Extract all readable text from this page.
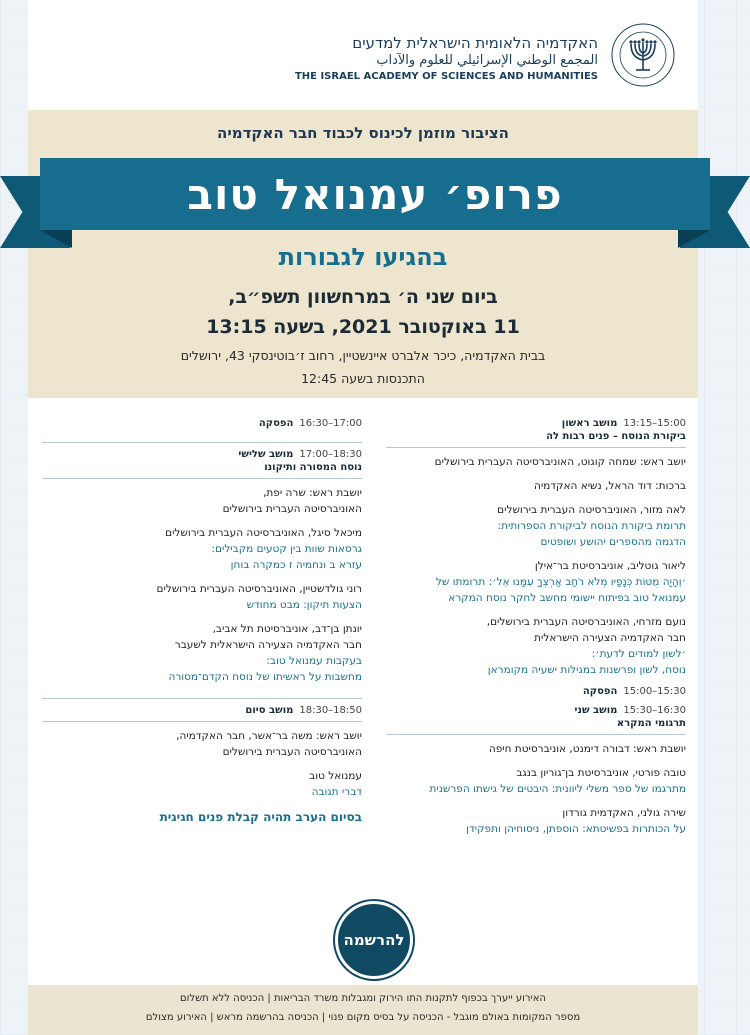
האקדמיה הלאומית הישראלית למדעים
المجمع الوطني الإسرائيلي للعلوم والآداب
THE ISRAEL ACADEMY OF SCIENCES AND HUMANITIES
הציבור מוזמן לכינוס לכבוד חבר האקדמיה
פרופ׳ עמנואל טוב
בהגיעו לגבורות
ביום שני ה׳ במרחשוון תשפ״ב,
11 באוקטובר 2021, בשעה 13:15
בבית האקדמיה, כיכר אלברט איינשטיין, רחוב ז׳בוטינסקי 43, ירושלים
התכנסות בשעה 12:45
13:15–15:00
מושב ראשון
ביקורת הנוסח – פנים רבות לה
יושב ראש: שמחה קוגוט, האוניברסיטה העברית בירושלים
ברכות: דוד הראל, נשיא האקדמיה
לאה מזור, האוניברסיטה העברית בירושלים
תרומת ביקורת הנוסח לביקורת הספרותית:
הדגמה מהספרים יהושע ושופטים
ליאור גוטליב, אוניברסיטת בר־אילן
׳וְהָיָה מֻטּוֹת כְּנָפָיו מְלֹא רֹחַב אַרְצְךָ עִמָּנוּ אֵל׳: תרומתו של
עמנואל טוב בפיתוח יישומי מחשב לחקר נוסח המקרא
נועם מזרחי, האוניברסיטה העברית בירושלים,
חבר האקדמיה הצעירה הישראלית
׳לשון למודים לדעת׳:
נוסח, לשון ופרשנות במגילות ישעיה מקומראן
15:00–15:30
הפסקה
15:30–16:30
מושב שני
תרגומי המקרא
יושבת ראש: דבורה דימנט, אוניברסיטת חיפה
טובה פורטי, אוניברסיטת בן־גוריון בנגב
מתרגמו של ספר משלי ליוונית: היבטים של גישתו הפרשנית
שירה גולני, האקדמית גורדון
על הכותרות בפשיטתא: הוספתן, ניסוחיהן ותפקידן
16:30–17:00
הפסקה
17:00–18:30
מושב שלישי
נוסח המסורה ותיקונו
יושבת ראש: שרה יפת,
האוניברסיטה העברית בירושלים
מיכאל סיגל, האוניברסיטה העברית בירושלים
גרסאות שוות בין קטעים מקבילים:
עזרא ב ונחמיה ז כמקרה בוחן
רוני גולדשטיין, האוניברסיטה העברית בירושלים
הצעות תיקון: מבט מחודש
יונתן בן־דב, אוניברסיטת תל אביב,
חבר האקדמיה הצעירה הישראלית לשעבר
בעקבות עמנואל טוב:
מחשבות על ראשיתו של נוסח הקדם־מסורה
18:30–18:50
מושב סיום
יושב ראש: משה בר־אשר, חבר האקדמיה,
האוניברסיטה העברית בירושלים
עמנואל טוב
דברי תגובה
בסיום הערב תהיה קבלת פנים חגיגית
להרשמה
האירוע ייערך בכפוף לתקנות התו הירוק ומגבלות משרד הבריאות | הכניסה ללא תשלום
מספר המקומות באולם מוגבל - הכניסה על בסיס מקום פנוי | הכניסה בהרשמה מראש | האירוע מצולם
